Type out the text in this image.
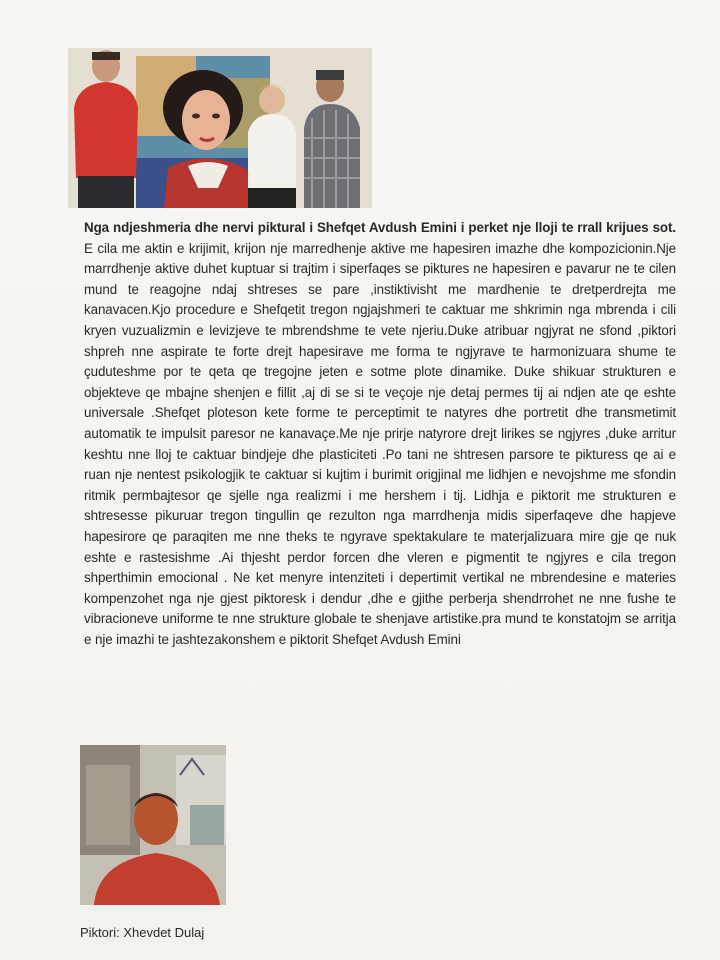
Nga ndjeshmeria dhe nervi piktural i Shefqet Avdush Emini i perket nje lloji te rrall krijues sot. E cila me aktin e krijimit, krijon nje marredhenje aktive me hapesiren imazhe dhe kompozicionin.Nje marrdhenje aktive duhet kuptuar si trajtim i siperfaqes se piktures ne hapesiren e pavarur ne te cilen mund te reagojne ndaj shtreses se pare ,instiktivisht me mardhenie te dretperdrejta me kanavacen.Kjo procedure e Shefqetit tregon ngjajshmeri te caktuar me shkrimin nga mbrenda i cili kryen vuzualizmin e levizjeve te mbrendshme te vete njeriu.Duke atribuar ngjyrat ne sfond ,piktori shpreh nne aspirate te forte drejt hapesirave me forma te ngjyrave te harmonizuara shume te çuduteshme por te qeta qe tregojne jeten e sotme plote dinamike. Duke shikuar strukturen e objekteve qe mbajne shenjen e fillit ,aj di se si te veçoje nje detaj permes tij ai ndjen ate qe eshte universale .Shefqet ploteson kete forme te perceptimit te natyres dhe portretit dhe transmetimit automatik te impulsit paresor ne kanavaçe.Me nje prirje natyrore drejt lirikes se ngjyres ,duke arritur keshtu nne lloj te caktuar bindjeje dhe plasticiteti .Po tani ne shtresen parsore te pikturess qe ai e ruan nje nentest psikologjik te caktuar si kujtim i burimit origjinal me lidhjen e nevojshme me sfondin ritmik permbajtesor qe sjelle nga realizmi i me hershem i tij. Lidhja e piktorit me strukturen e shtresesse pikuruar tregon tingullin qe rezulton nga marrdhenja midis siperfaqeve dhe hapjeve hapesirore qe paraqiten me nne theks te ngyrave spektakulare te materjalizuara mire gje qe nuk eshte e rastesishme .Ai thjesht perdor forcen dhe vleren e pigmentit te ngjyres e cila tregon shperthimin emocional . Ne ket menyre intenziteti i depertimit vertikal ne mbrendesine e materies kompenzohet nga nje gjest piktoresk i dendur ,dhe e gjithe perberja shendrrohet ne nne fushe te vibracioneve uniforme te nne strukture globale te shenjave artistike.pra mund te konstatojm se arritja e nje imazhi te jashtezakonshem e piktorit Shefqet Avdush Emini
Piktori: Xhevdet Dulaj
